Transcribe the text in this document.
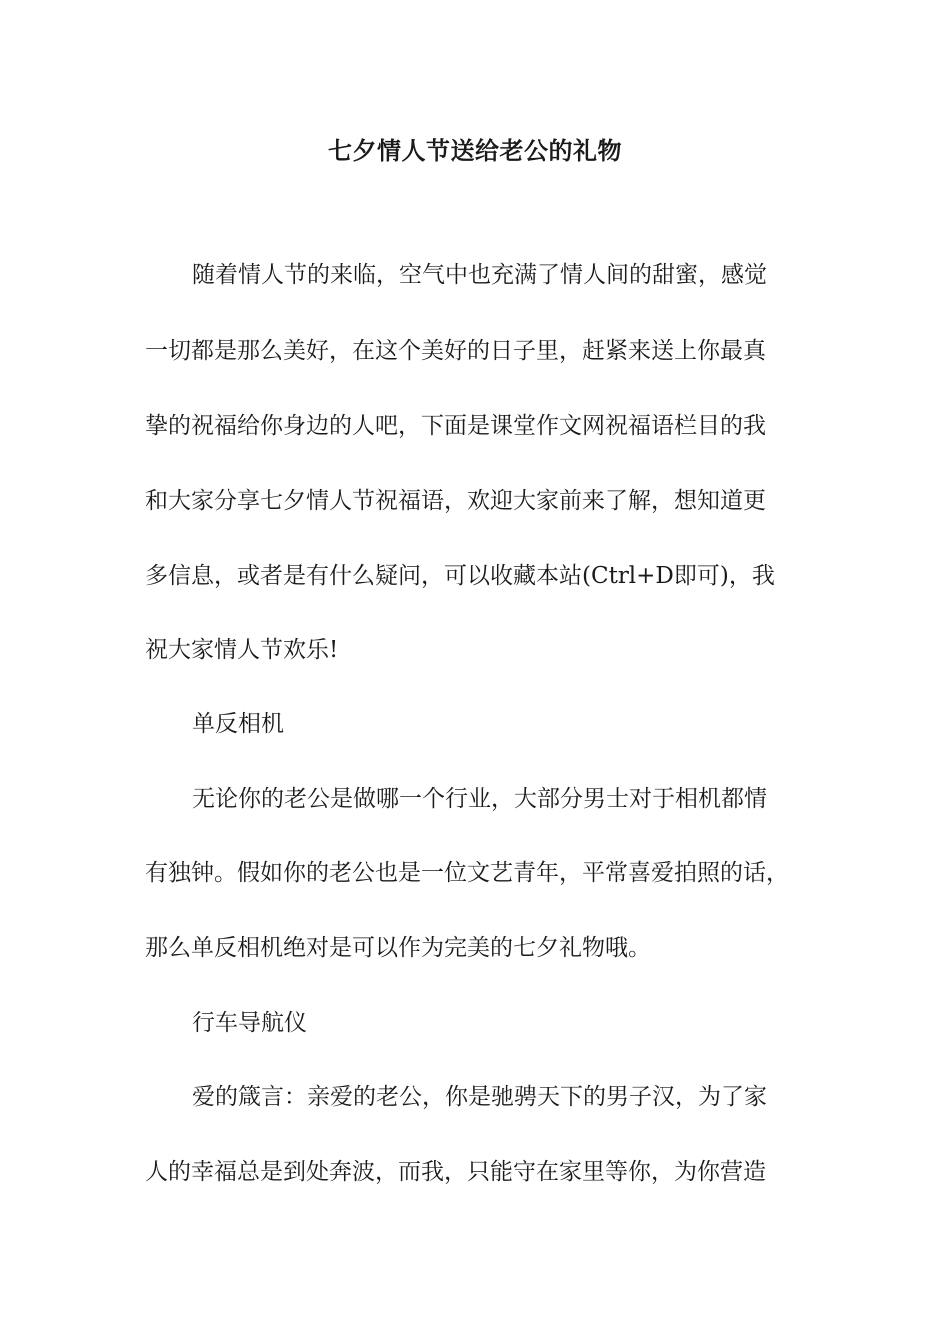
七夕情人节送给老公的礼物

随着情人节的来临，空气中也充满了情人间的甜蜜，感觉

一切都是那么美好，在这个美好的日子里，赶紧来送上你最真

挚的祝福给你身边的人吧，下面是课堂作文网祝福语栏目的我

和大家分享七夕情人节祝福语，欢迎大家前来了解，想知道更

多信息，或者是有什么疑问，可以收藏本站(Ctrl+D即可)，我

祝大家情人节欢乐!

单反相机

无论你的老公是做哪一个行业，大部分男士对于相机都情

有独钟。假如你的老公也是一位文艺青年，平常喜爱拍照的话，

那么单反相机绝对是可以作为完美的七夕礼物哦。

行车导航仪

爱的箴言：亲爱的老公，你是驰骋天下的男子汉，为了家

人的幸福总是到处奔波，而我，只能守在家里等你，为你营造
